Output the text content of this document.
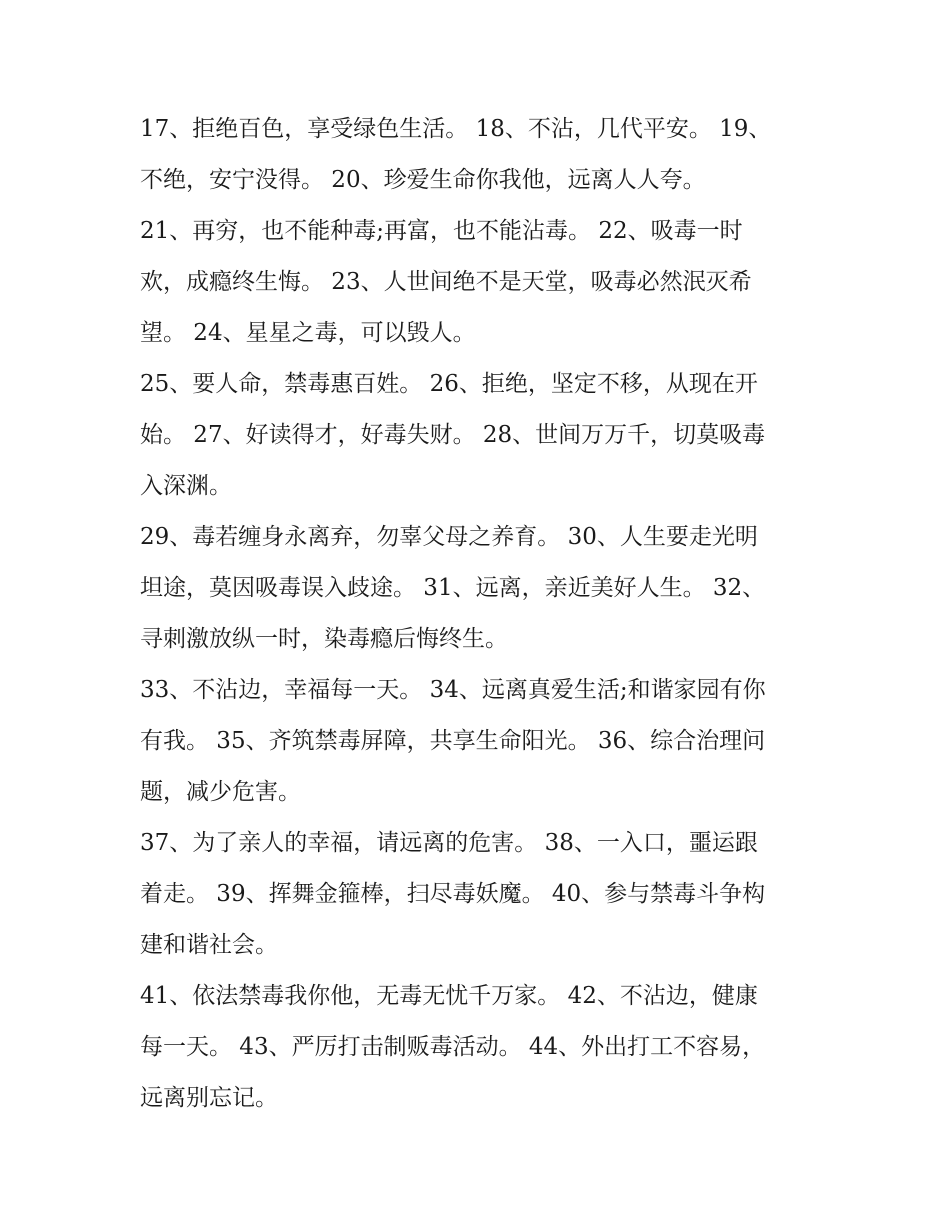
17、拒绝百色，享受绿色生活。 18、不沾，几代平安。 19、
不绝，安宁没得。 20、珍爱生命你我他，远离人人夸。
21、再穷，也不能种毒;再富，也不能沾毒。 22、吸毒一时
欢，成瘾终生悔。 23、人世间绝不是天堂，吸毒必然泯灭希
望。 24、星星之毒，可以毁人。
25、要人命，禁毒惠百姓。 26、拒绝，坚定不移，从现在开
始。 27、好读得才，好毒失财。 28、世间万万千，切莫吸毒
入深渊。
29、毒若缠身永离弃，勿辜父母之养育。 30、人生要走光明
坦途，莫因吸毒误入歧途。 31、远离，亲近美好人生。 32、
寻刺激放纵一时，染毒瘾后悔终生。
33、不沾边，幸福每一天。 34、远离真爱生活;和谐家园有你
有我。 35、齐筑禁毒屏障，共享生命阳光。 36、综合治理问
题，减少危害。
37、为了亲人的幸福，请远离的危害。 38、一入口，噩运跟
着走。 39、挥舞金箍棒，扫尽毒妖魔。 40、参与禁毒斗争构
建和谐社会。
41、依法禁毒我你他，无毒无忧千万家。 42、不沾边，健康
每一天。 43、严厉打击制贩毒活动。 44、外出打工不容易，
远离别忘记。
